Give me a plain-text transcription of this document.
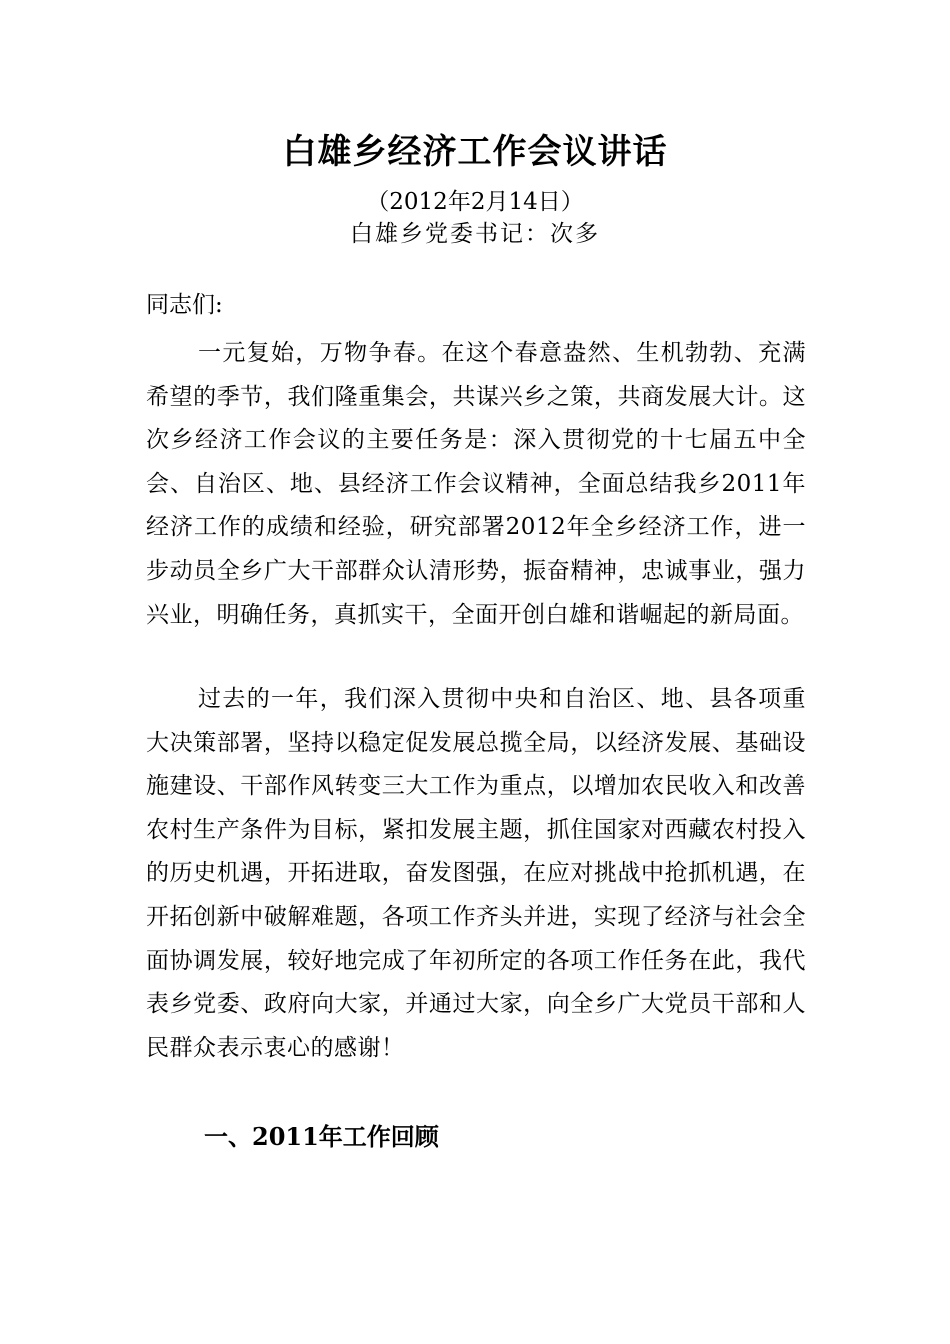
白雄乡经济工作会议讲话
（2012年2月14日）
白雄乡党委书记：次多
同志们:

一元复始，万物争春。在这个春意盎然、生机勃勃、充满希望的季节，我们隆重集会，共谋兴乡之策，共商发展大计。这次乡经济工作会议的主要任务是：深入贯彻党的十七届五中全会、自治区、地、县经济工作会议精神，全面总结我乡2011年经济工作的成绩和经验，研究部署2012年全乡经济工作，进一步动员全乡广大干部群众认清形势，振奋精神，忠诚事业，强力兴业，明确任务，真抓实干，全面开创白雄和谐崛起的新局面。

过去的一年，我们深入贯彻中央和自治区、地、县各项重大决策部署，坚持以稳定促发展总揽全局，以经济发展、基础设施建设、干部作风转变三大工作为重点，以增加农民收入和改善农村生产条件为目标，紧扣发展主题，抓住国家对西藏农村投入的历史机遇，开拓进取，奋发图强，在应对挑战中抢抓机遇，在开拓创新中破解难题，各项工作齐头并进，实现了经济与社会全面协调发展，较好地完成了年初所定的各项工作任务在此，我代表乡党委、政府向大家，并通过大家，向全乡广大党员干部和人民群众表示衷心的感谢！

一、2011年工作回顾
